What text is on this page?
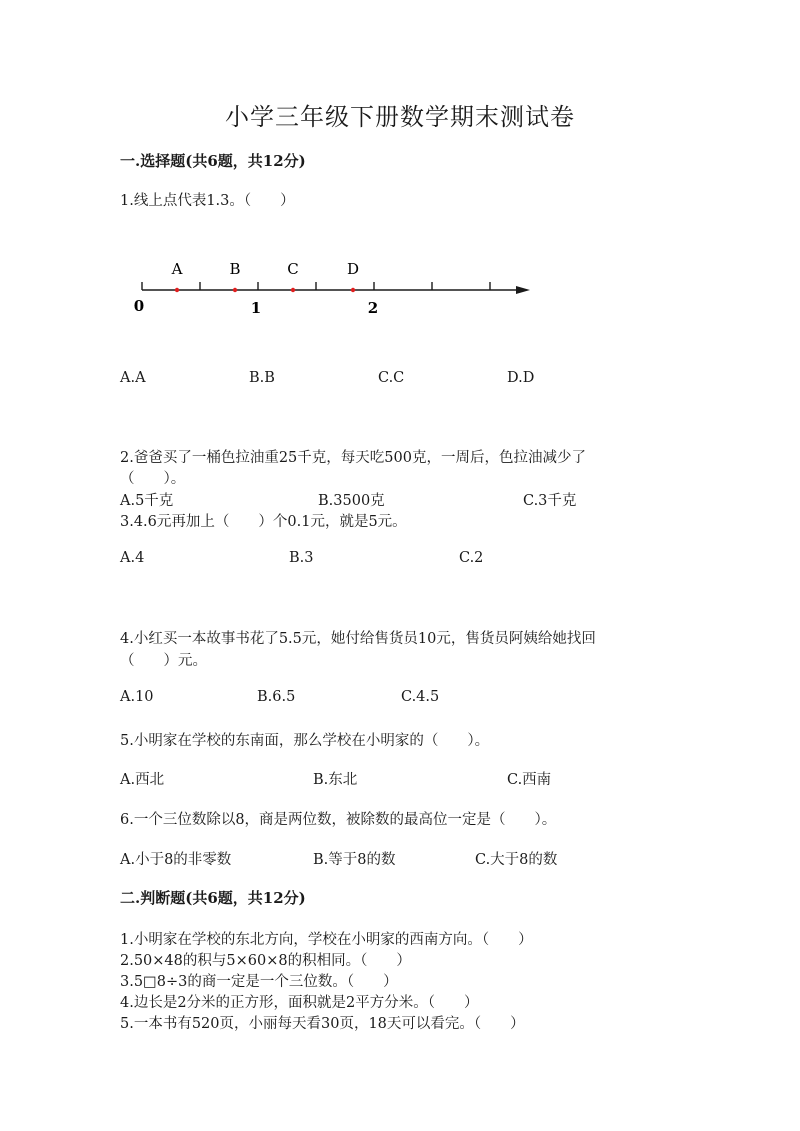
小学三年级下册数学期末测试卷
一.选择题(共6题，共12分)
1.线上点代表1.3。（　　）
A	B	C	D
0	1	2
A.A	B.B	C.C	D.D
2.爸爸买了一桶色拉油重25千克，每天吃500克，一周后，色拉油减少了
（　　）。
A.5千克	B.3500克	C.3千克
3.4.6元再加上（　　）个0.1元，就是5元。
A.4	B.3	C.2
4.小红买一本故事书花了5.5元，她付给售货员10元，售货员阿姨给她找回
（　　）元。
A.10	B.6.5	C.4.5
5.小明家在学校的东南面，那么学校在小明家的（　　）。
A.西北	B.东北	C.西南
6.一个三位数除以8，商是两位数，被除数的最高位一定是（　　）。
A.小于8的非零数	B.等于8的数	C.大于8的数
二.判断题(共6题，共12分)
1.小明家在学校的东北方向，学校在小明家的西南方向。（　　）
2.50×48的积与5×60×8的积相同。（　　）
3.5□8÷3的商一定是一个三位数。（　　）
4.边长是2分米的正方形，面积就是2平方分米。（　　）
5.一本书有520页，小丽每天看30页，18天可以看完。（　　）
